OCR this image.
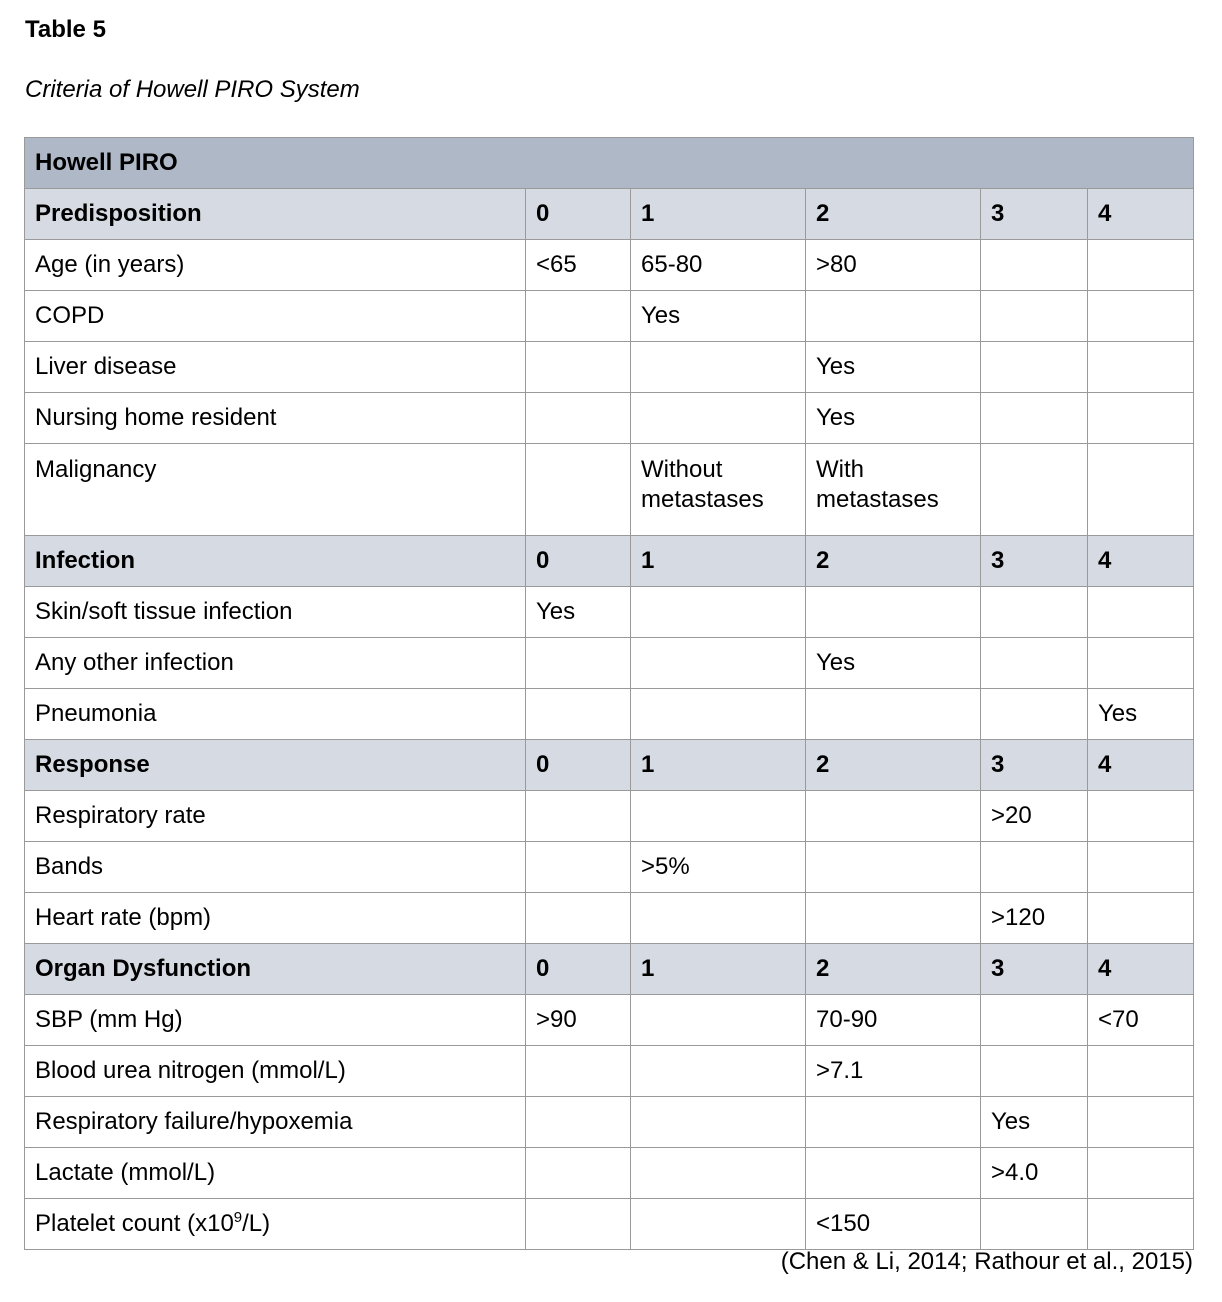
Table 5

Criteria of Howell PIRO System

Howell PIRO					
Predisposition	0	1	2	3	4
Age (in years)	<65	65-80	>80		
COPD		Yes			
Liver disease			Yes		
Nursing home resident			Yes		
Malignancy		Without metastases	With metastases		
Infection	0	1	2	3	4
Skin/soft tissue infection	Yes				
Any other infection			Yes		
Pneumonia					Yes
Response	0	1	2	3	4
Respiratory rate				>20	
Bands		>5%			
Heart rate (bpm)				>120	
Organ Dysfunction	0	1	2	3	4
SBP (mm Hg)	>90		70-90		<70
Blood urea nitrogen (mmol/L)			>7.1		
Respiratory failure/hypoxemia				Yes	
Lactate (mmol/L)				>4.0	
Platelet count $(x10^9/L)$			<150		

(Chen & Li, 2014; Rathour et al., 2015)
